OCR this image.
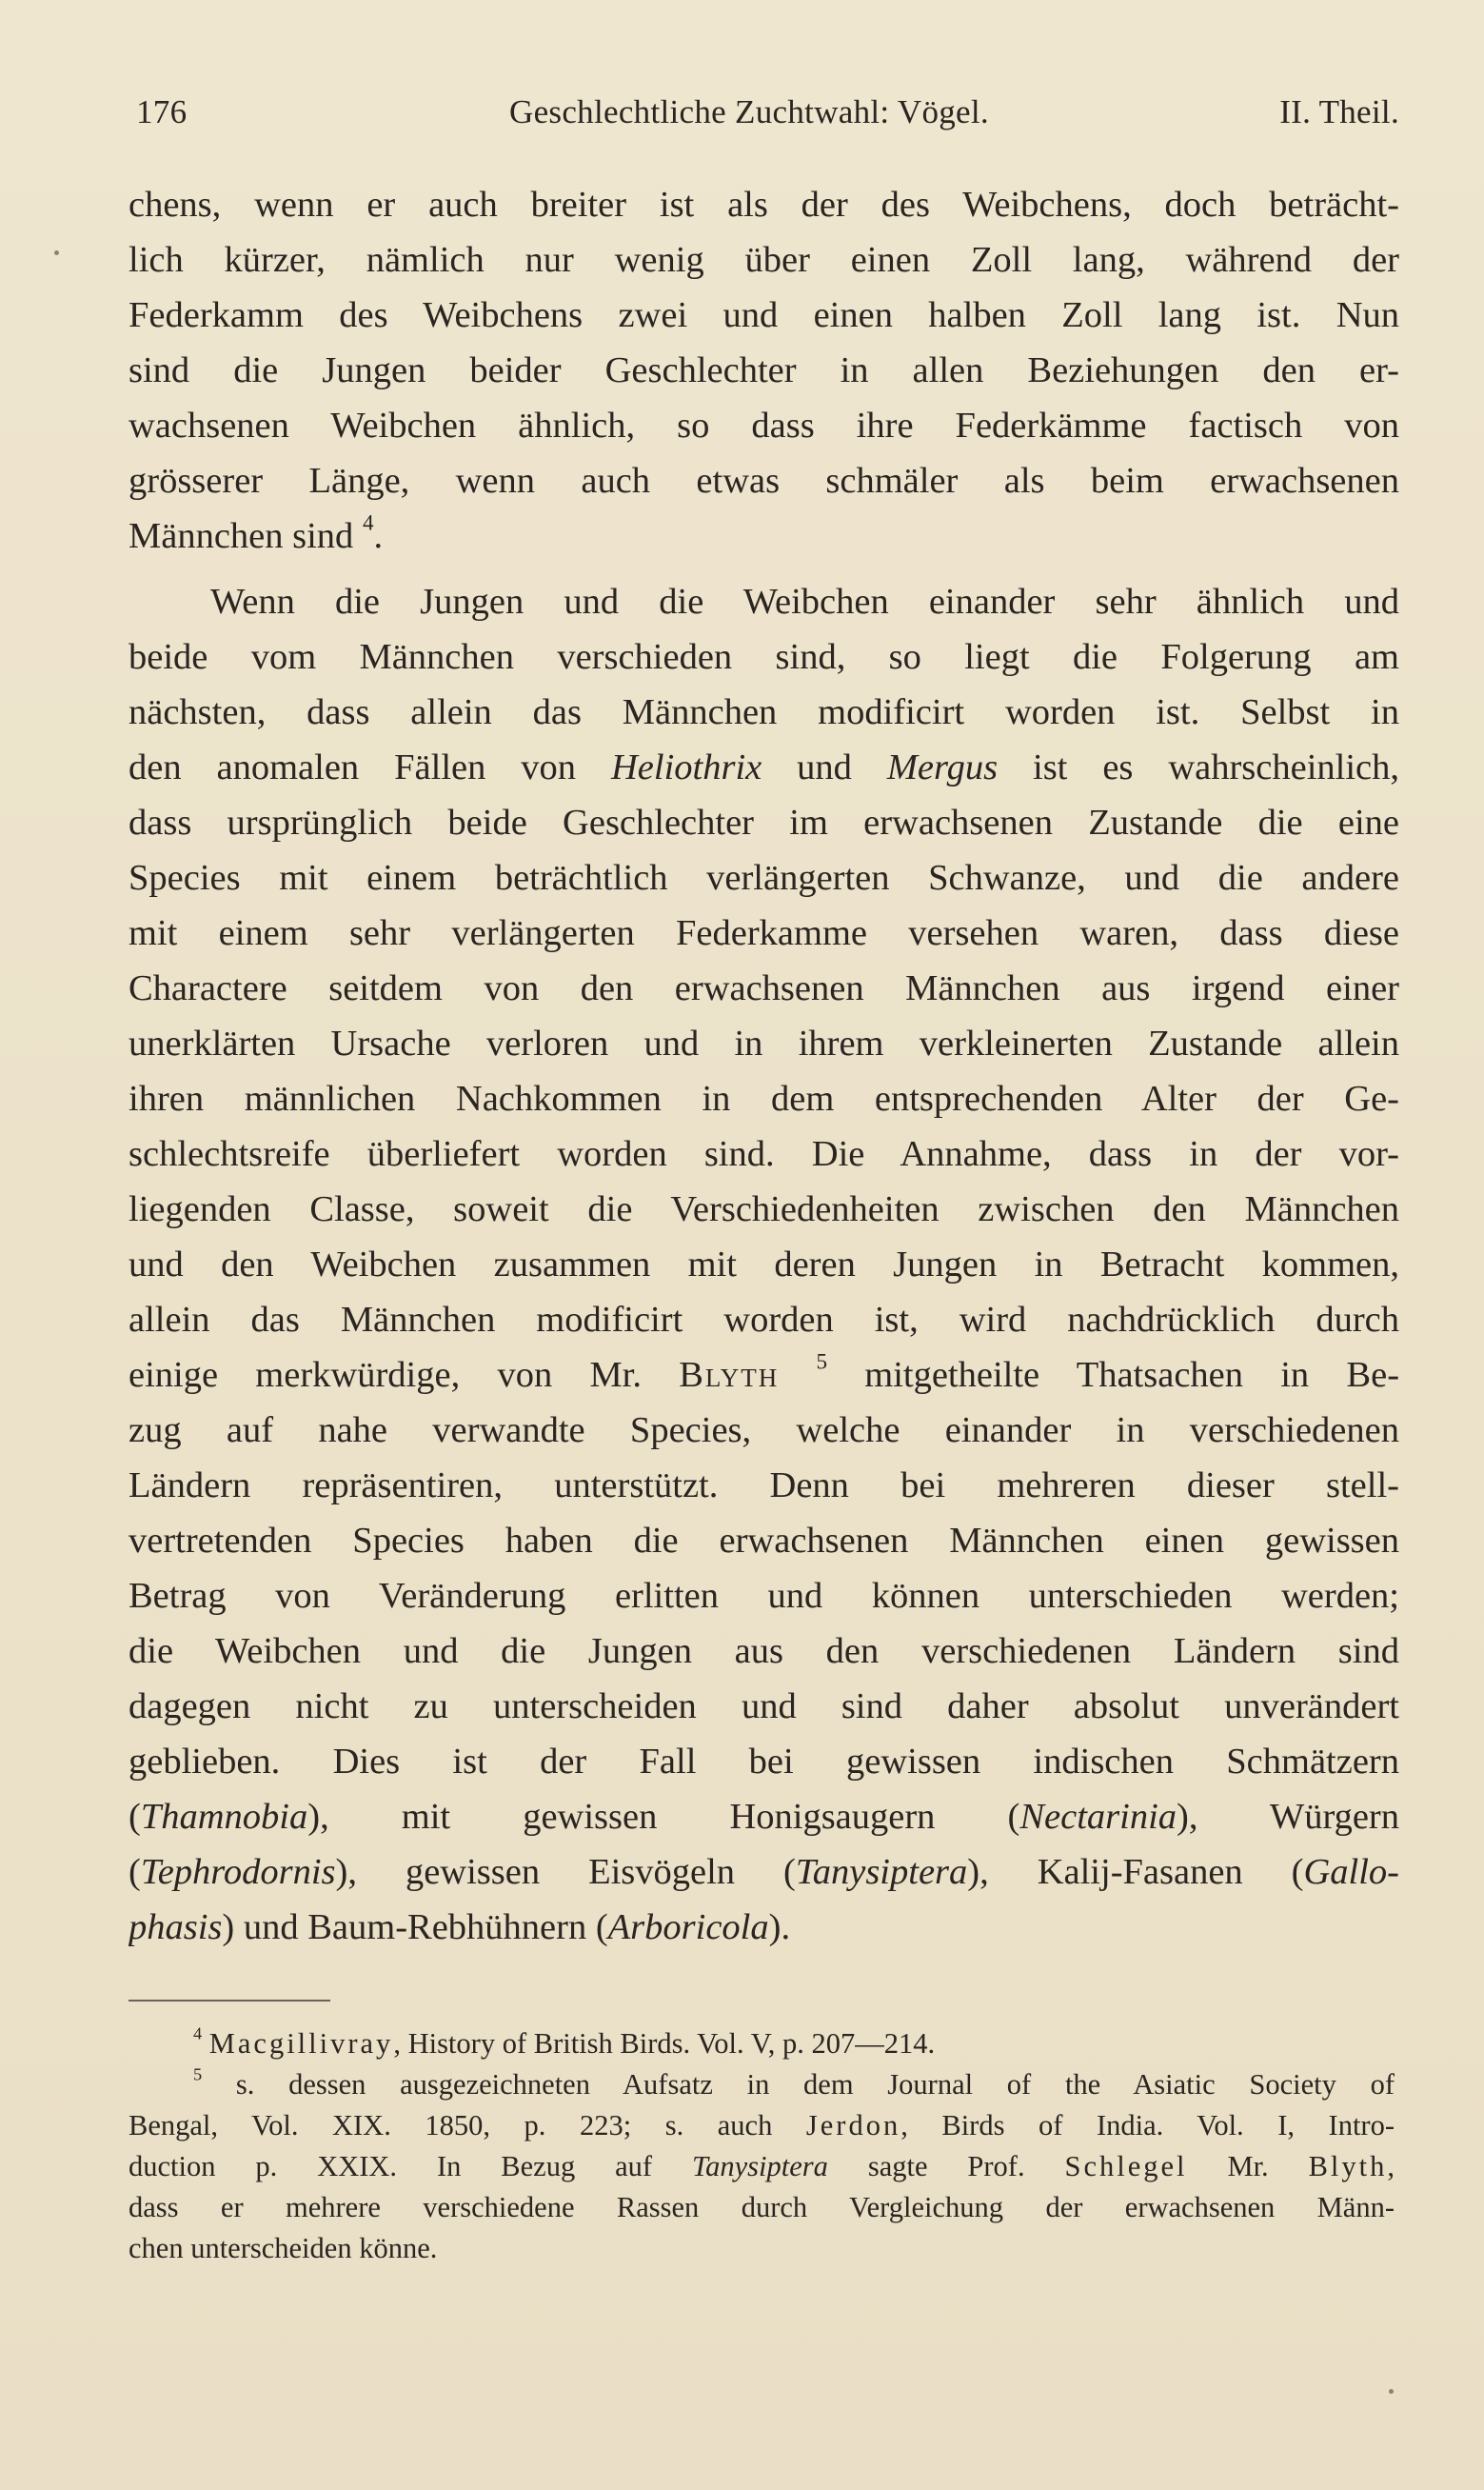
176	Geschlechtliche Zuchtwahl: Vögel.	II. Theil.
chens, wenn er auch breiter ist als der des Weibchens, doch beträcht-
lich kürzer, nämlich nur wenig über einen Zoll lang, während der
Federkamm des Weibchens zwei und einen halben Zoll lang ist. Nun
sind die Jungen beider Geschlechter in allen Beziehungen den er-
wachsenen Weibchen ähnlich, so dass ihre Federkämme factisch von
grösserer Länge, wenn auch etwas schmäler als beim erwachsenen
Männchen sind $^4$.
Wenn die Jungen und die Weibchen einander sehr ähnlich und
beide vom Männchen verschieden sind, so liegt die Folgerung am
nächsten, dass allein das Männchen modificirt worden ist. Selbst in
den anomalen Fällen von Heliothrix und Mergus ist es wahrscheinlich,
dass ursprünglich beide Geschlechter im erwachsenen Zustande die eine
Species mit einem beträchtlich verlängerten Schwanze, und die andere
mit einem sehr verlängerten Federkamme versehen waren, dass diese
Charactere seitdem von den erwachsenen Männchen aus irgend einer
unerklärten Ursache verloren und in ihrem verkleinerten Zustande allein
ihren männlichen Nachkommen in dem entsprechenden Alter der Ge-
schlechtsreife überliefert worden sind. Die Annahme, dass in der vor-
liegenden Classe, soweit die Verschiedenheiten zwischen den Männchen
und den Weibchen zusammen mit deren Jungen in Betracht kommen,
allein das Männchen modificirt worden ist, wird nachdrücklich durch
einige merkwürdige, von Mr. Blyth $^5$ mitgetheilte Thatsachen in Be-
zug auf nahe verwandte Species, welche einander in verschiedenen
Ländern repräsentiren, unterstützt. Denn bei mehreren dieser stell-
vertretenden Species haben die erwachsenen Männchen einen gewissen
Betrag von Veränderung erlitten und können unterschieden werden;
die Weibchen und die Jungen aus den verschiedenen Ländern sind
dagegen nicht zu unterscheiden und sind daher absolut unverändert
geblieben. Dies ist der Fall bei gewissen indischen Schmätzern
(Thamnobia), mit gewissen Honigsaugern (Nectarinia), Würgern
(Tephrodornis), gewissen Eisvögeln (Tanysiptera), Kalij-Fasanen (Gallo-
phasis) und Baum-Rebhühnern (Arboricola).
$^4$ Macgillivray, History of British Birds. Vol. V, p. 207—214.
$^5$ s. dessen ausgezeichneten Aufsatz in dem Journal of the Asiatic Society of
Bengal, Vol. XIX. 1850, p. 223; s. auch Jerdon, Birds of India. Vol. I, Intro-
duction p. XXIX. In Bezug auf Tanysiptera sagte Prof. Schlegel Mr. Blyth,
dass er mehrere verschiedene Rassen durch Vergleichung der erwachsenen Männ-
chen unterscheiden könne.
